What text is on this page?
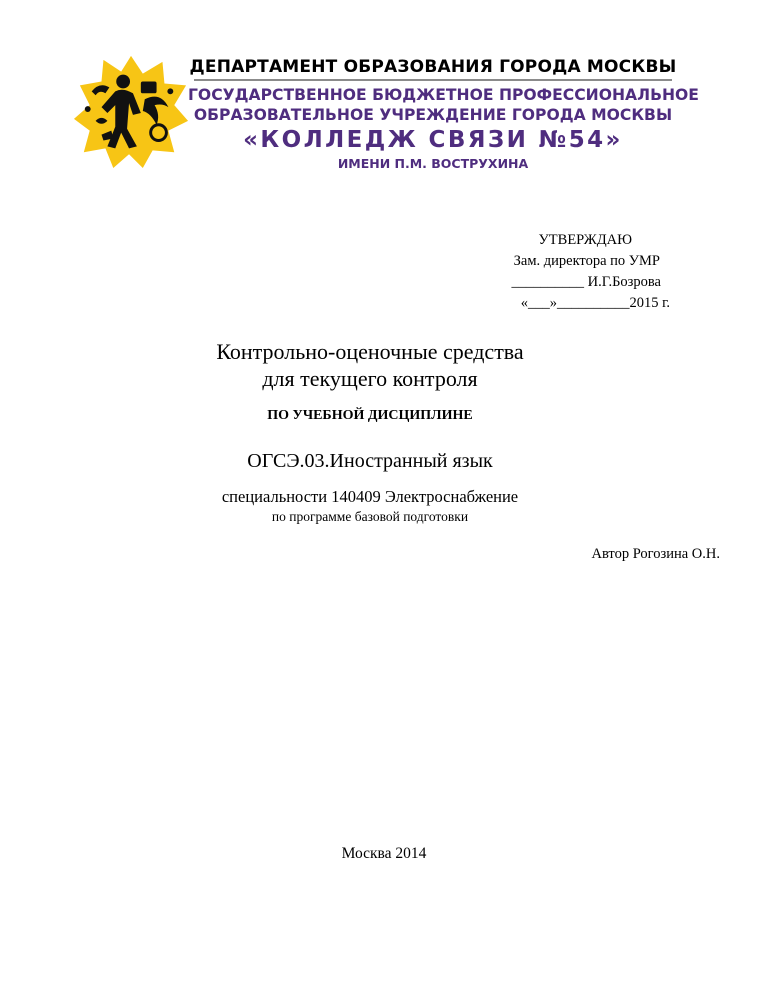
ДЕПАРТАМЕНТ ОБРАЗОВАНИЯ ГОРОДА МОСКВЫ
ГОСУДАРСТВЕННОЕ БЮДЖЕТНОЕ ПРОФЕССИОНАЛЬНОЕ
ОБРАЗОВАТЕЛЬНОЕ УЧРЕЖДЕНИЕ ГОРОДА МОСКВЫ
«КОЛЛЕДЖ СВЯЗИ №54»
ИМЕНИ П.М. ВОСТРУХИНА
УТВЕРЖДАЮ
Зам. директора по УМР
__________ И.Г.Бозрова
«___»__________2015 г.
Контрольно-оценочные средства
для текущего контроля
ПО УЧЕБНОЙ ДИСЦИПЛИНЕ
ОГСЭ.03.Иностранный язык
специальности 140409 Электроснабжение
по программе базовой подготовки
Автор Рогозина О.Н.
Москва 2014
